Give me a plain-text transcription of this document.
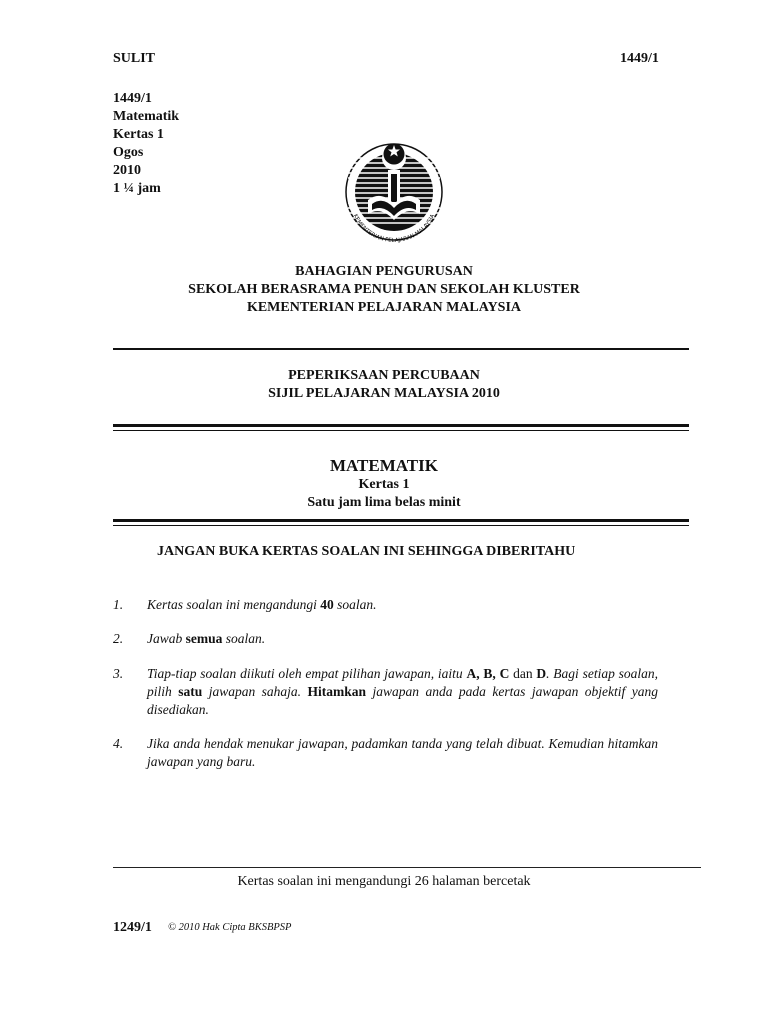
SULIT	1449/1
1449/1
Matematik
Kertas 1
Ogos
2010
1 ¼ jam
KEMENTERIAN PELAJARAN MALAYSIA
BAHAGIAN PENGURUSAN
SEKOLAH BERASRAMA PENUH DAN SEKOLAH KLUSTER
KEMENTERIAN PELAJARAN MALAYSIA
PEPERIKSAAN PERCUBAAN
SIJIL PELAJARAN MALAYSIA 2010
MATEMATIK
Kertas 1
Satu jam lima belas minit
JANGAN BUKA KERTAS SOALAN INI SEHINGGA DIBERITAHU
1. Kertas soalan ini mengandungi 40 soalan.
2. Jawab semua soalan.
3. Tiap-tiap soalan diikuti oleh empat pilihan jawapan, iaitu A, B, C dan D. Bagi setiap soalan, pilih satu jawapan sahaja. Hitamkan jawapan anda pada kertas jawapan objektif yang disediakan.
4. Jika anda hendak menukar jawapan, padamkan tanda yang telah dibuat. Kemudian hitamkan jawapan yang baru.
Kertas soalan ini mengandungi 26 halaman bercetak
1249/1 © 2010 Hak Cipta BKSBPSP
